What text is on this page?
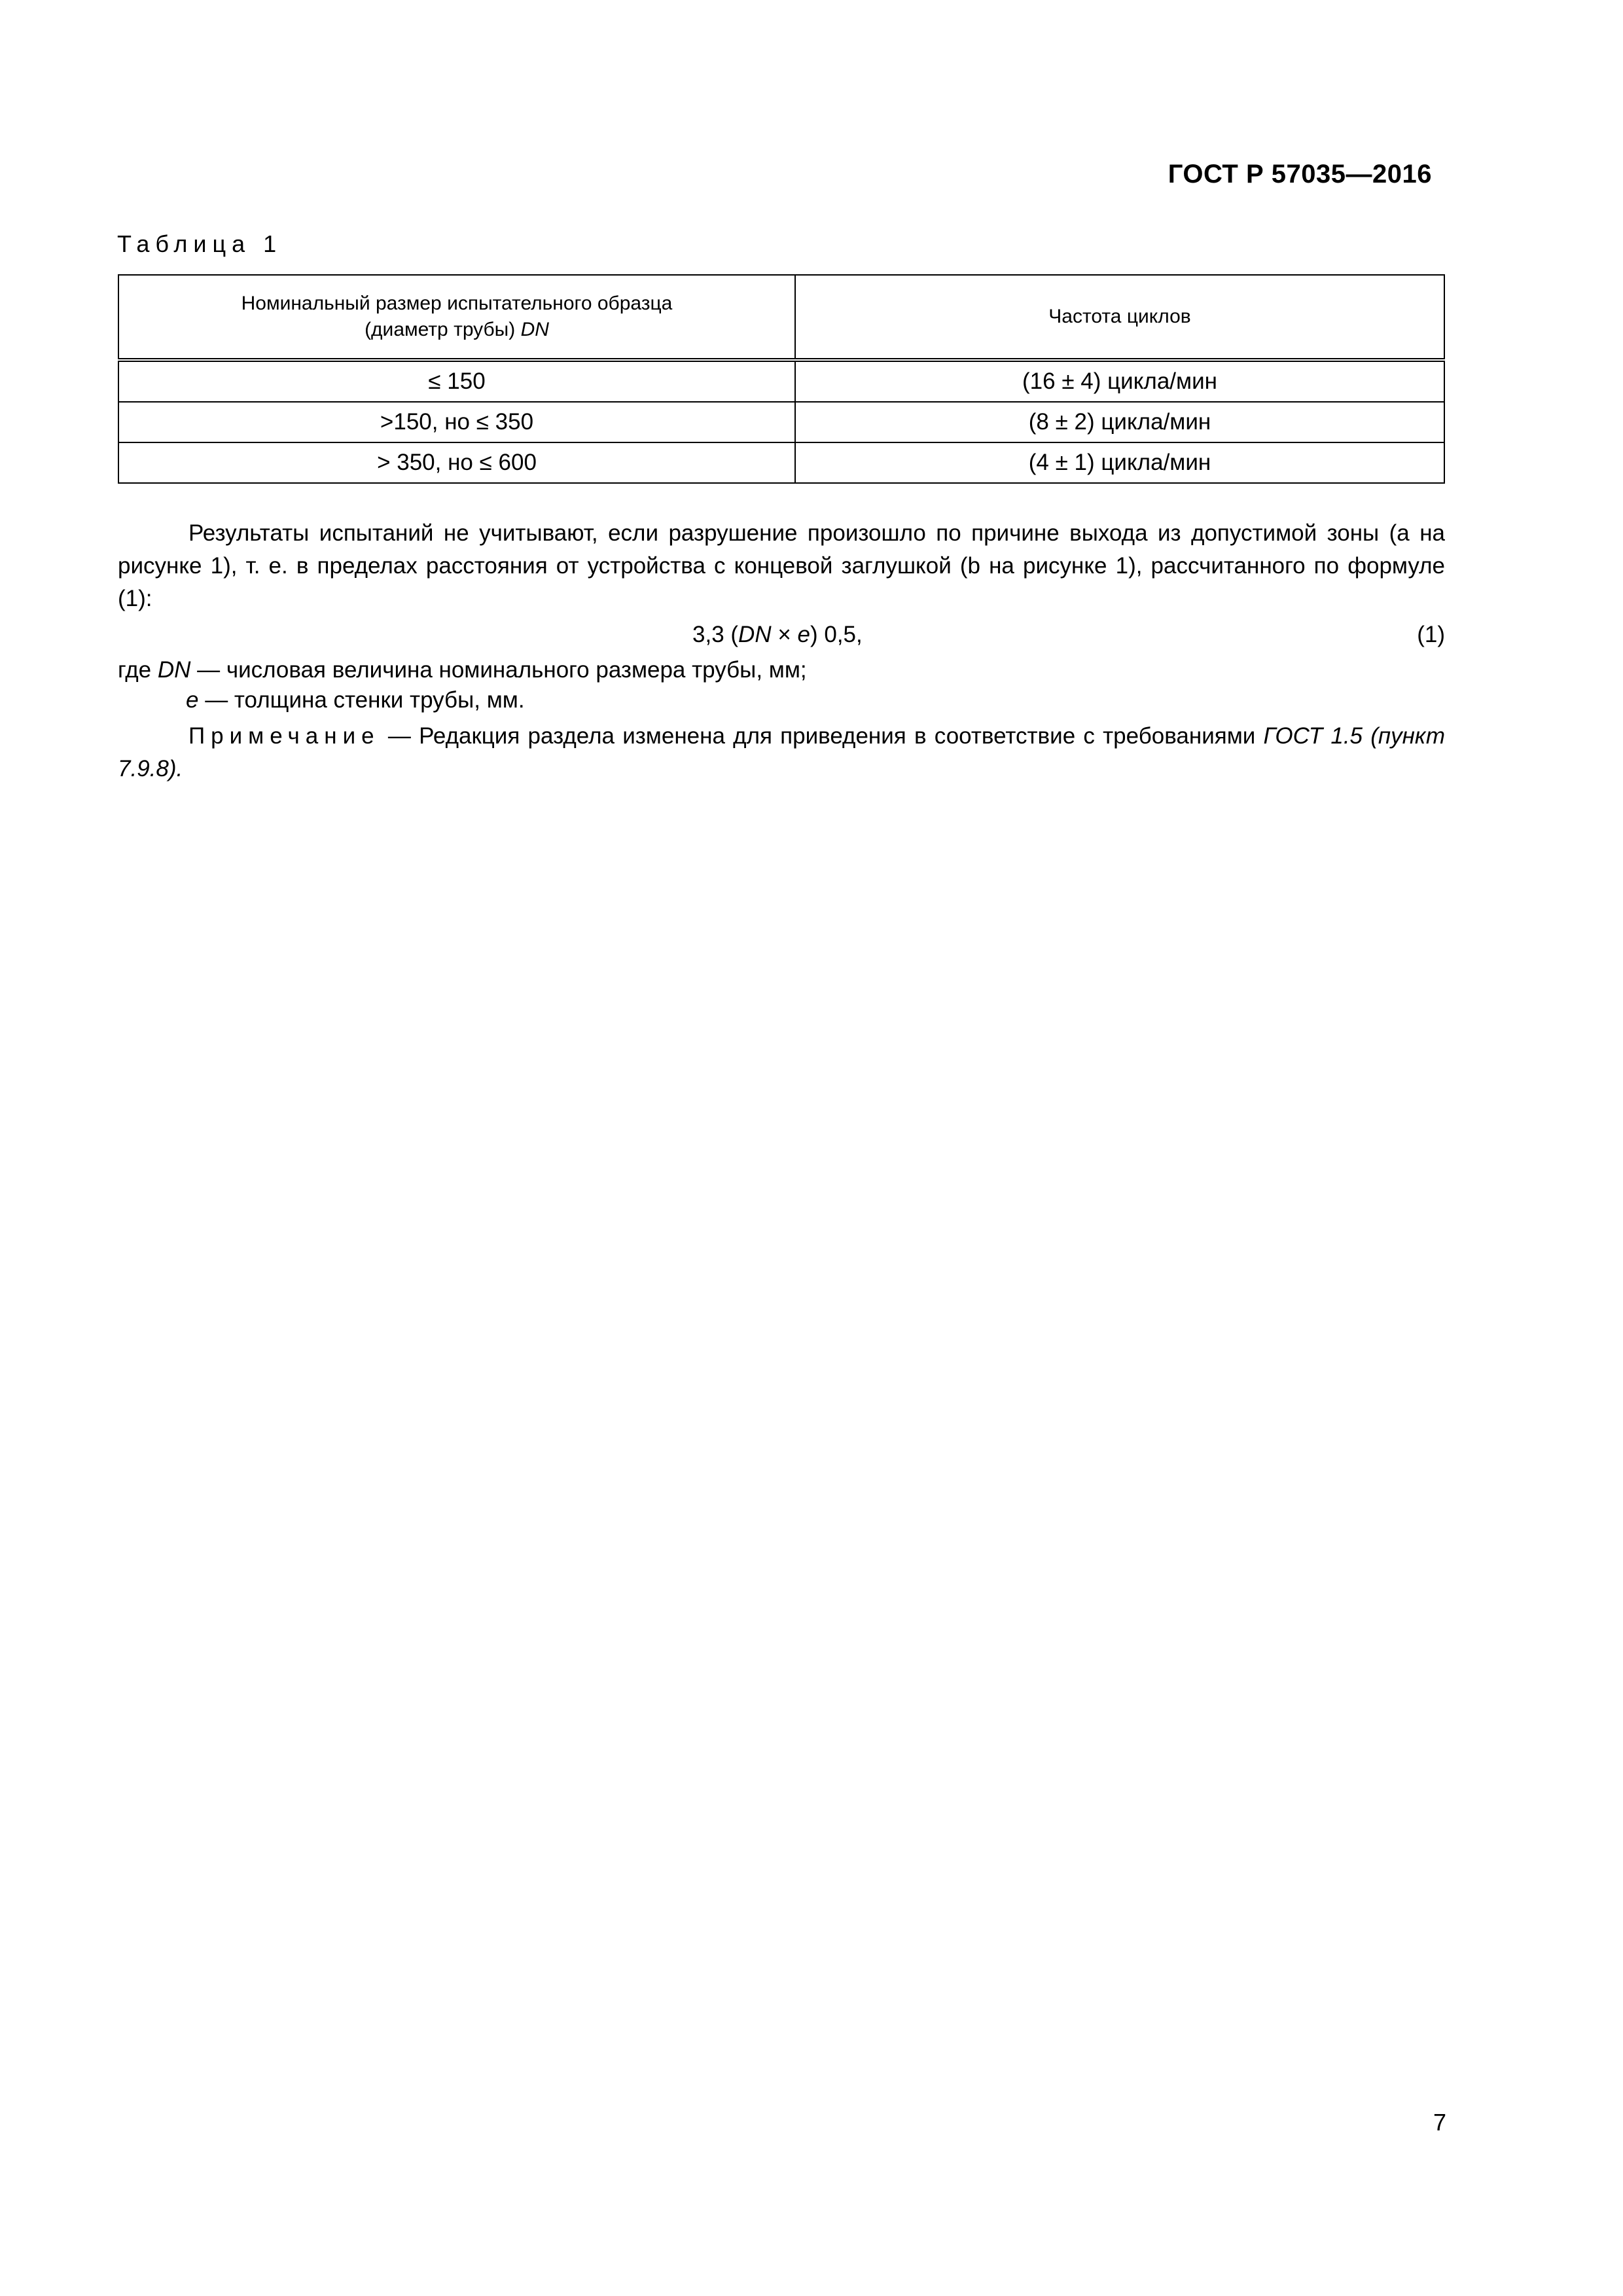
ГОСТ Р 57035—2016
Таблица 1
Номинальный размер испытательного образца
(диаметр трубы) DN	Частота циклов
≤ 150	(16 ± 4) цикла/мин
>150, но ≤ 350	(8 ± 2) цикла/мин
> 350, но ≤ 600	(4 ± 1) цикла/мин
Результаты испытаний не учитывают, если разрушение произошло по причине выхода из допустимой зоны (a на рисунке 1), т. е. в пределах расстояния от устройства с концевой заглушкой (b на рисунке 1), рассчитанного по формуле (1):
3,3 (DN × e) 0,5,	(1)
где DN — числовая величина номинального размера трубы, мм;
e — толщина стенки трубы, мм.
Примечание — Редакция раздела изменена для приведения в соответствие с требованиями ГОСТ 1.5 (пункт 7.9.8).
7
